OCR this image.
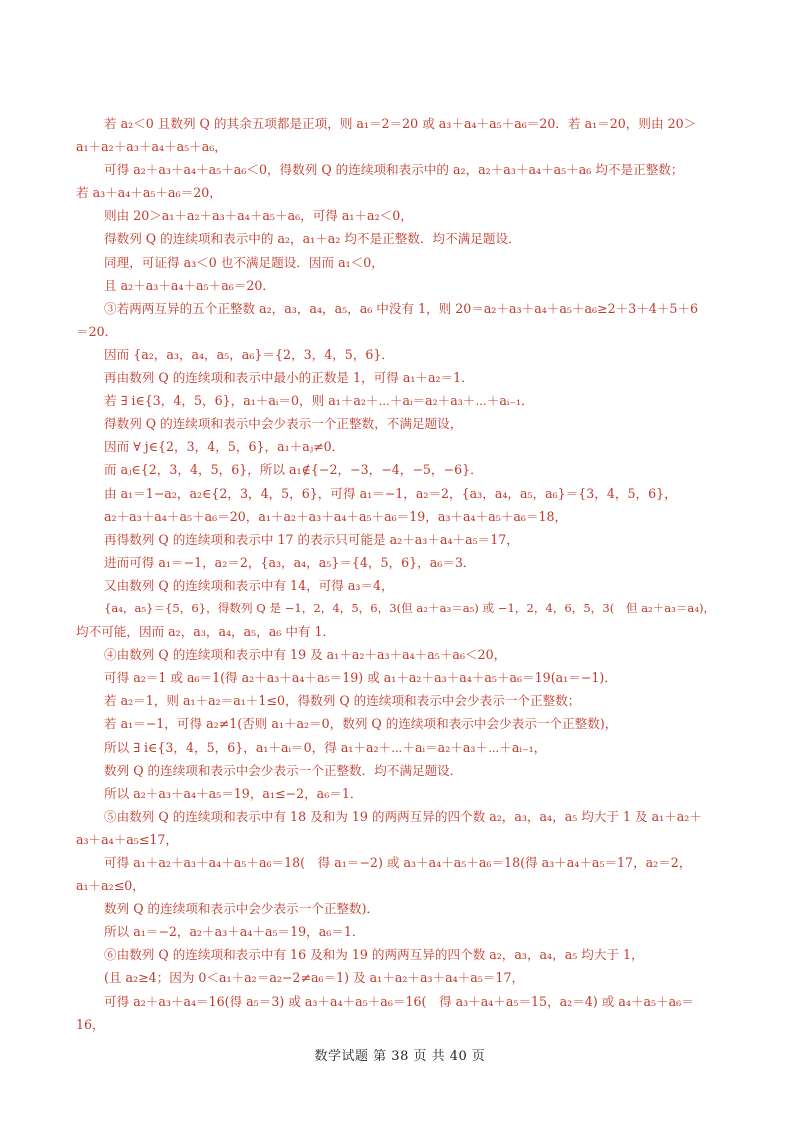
若 a₂＜0 且数列 Q 的其余五项都是正项，则 a₁＝2＝20 或 a₃＋a₄＋a₅＋a₆＝20．若 a₁＝20，则由 20＞
a₁＋a₂＋a₃＋a₄＋a₅＋a₆，
可得 a₂＋a₃＋a₄＋a₅＋a₆＜0，得数列 Q 的连续项和表示中的 a₂，a₂＋a₃＋a₄＋a₅＋a₆ 均不是正整数；
若 a₃＋a₄＋a₅＋a₆＝20，
则由 20＞a₁＋a₂＋a₃＋a₄＋a₅＋a₆，可得 a₁＋a₂＜0，
得数列 Q 的连续项和表示中的 a₂，a₁＋a₂ 均不是正整数．均不满足题设．
同理，可证得 a₃＜0 也不满足题设．因而 a₁＜0，
且 a₂＋a₃＋a₄＋a₅＋a₆＝20．
③若两两互异的五个正整数 a₂，a₃，a₄，a₅，a₆ 中没有 1，则 20＝a₂＋a₃＋a₄＋a₅＋a₆≥2＋3＋4＋5＋6
＝20．
因而 {a₂，a₃，a₄，a₅，a₆}＝{2，3，4，5，6}．
再由数列 Q 的连续项和表示中最小的正数是 1，可得 a₁＋a₂＝1．
若 ∃ i∈{3，4，5，6}，a₁＋aᵢ＝0，则 a₁＋a₂＋⋯＋aᵢ＝a₂＋a₃＋⋯＋aᵢ₋₁．
得数列 Q 的连续项和表示中会少表示一个正整数，不满足题设，
因而 ∀ j∈{2，3，4，5，6}，a₁＋aⱼ≠0．
而 aⱼ∈{2，3，4，5，6}，所以 a₁∉{−2，−3，−4，−5，−6}．
由 a₁＝1−a₂，a₂∈{2，3，4，5，6}，可得 a₁＝−1，a₂＝2，{a₃，a₄，a₅，a₆}＝{3，4，5，6}，
a₂＋a₃＋a₄＋a₅＋a₆＝20，a₁＋a₂＋a₃＋a₄＋a₅＋a₆＝19，a₃＋a₄＋a₅＋a₆＝18，
再得数列 Q 的连续项和表示中 17 的表示只可能是 a₂＋a₃＋a₄＋a₅＝17，
进而可得 a₁＝−1，a₂＝2，{a₃，a₄，a₅}＝{4，5，6}，a₆＝3．
又由数列 Q 的连续项和表示中有 14，可得 a₃＝4，
{a₄，a₅}＝{5，6}，得数列 Q 是 −1，2，4，5，6，3(但 a₂＋a₃＝a₅) 或 −1，2，4，6，5，3(　但 a₂＋a₃＝a₄)，
均不可能，因而 a₂，a₃，a₄，a₅，a₆ 中有 1．
④由数列 Q 的连续项和表示中有 19 及 a₁＋a₂＋a₃＋a₄＋a₅＋a₆＜20，
可得 a₂＝1 或 a₆＝1(得 a₂＋a₃＋a₄＋a₅＝19) 或 a₁＋a₂＋a₃＋a₄＋a₅＋a₆＝19(a₁＝−1)．
若 a₂＝1，则 a₁＋a₂＝a₁＋1≤0，得数列 Q 的连续项和表示中会少表示一个正整数；
若 a₁＝−1，可得 a₂≠1(否则 a₁＋a₂＝0，数列 Q 的连续项和表示中会少表示一个正整数)，
所以 ∃ i∈{3，4，5，6}，a₁＋aᵢ＝0，得 a₁＋a₂＋⋯＋aᵢ＝a₂＋a₃＋⋯＋aᵢ₋₁，
数列 Q 的连续项和表示中会少表示一个正整数．均不满足题设．
所以 a₂＋a₃＋a₄＋a₅＝19，a₁≤−2，a₆＝1．
⑤由数列 Q 的连续项和表示中有 18 及和为 19 的两两互异的四个数 a₂，a₃，a₄，a₅ 均大于 1 及 a₁＋a₂＋
a₃＋a₄＋a₅≤17，
可得 a₁＋a₂＋a₃＋a₄＋a₅＋a₆＝18(　得 a₁＝−2) 或 a₃＋a₄＋a₅＋a₆＝18(得 a₃＋a₄＋a₅＝17，a₂＝2，
a₁＋a₂≤0，
数列 Q 的连续项和表示中会少表示一个正整数)．
所以 a₁＝−2，a₂＋a₃＋a₄＋a₅＝19，a₆＝1．
⑥由数列 Q 的连续项和表示中有 16 及和为 19 的两两互异的四个数 a₂，a₃，a₄，a₅ 均大于 1，
(且 a₂≥4；因为 0＜a₁＋a₂＝a₂−2≠a₆＝1) 及 a₁＋a₂＋a₃＋a₄＋a₅＝17，
可得 a₂＋a₃＋a₄＝16(得 a₅＝3) 或 a₃＋a₄＋a₅＋a₆＝16(　得 a₃＋a₄＋a₅＝15，a₂＝4) 或 a₄＋a₅＋a₆＝
16，
数学试题 第 38 页 共 40 页
